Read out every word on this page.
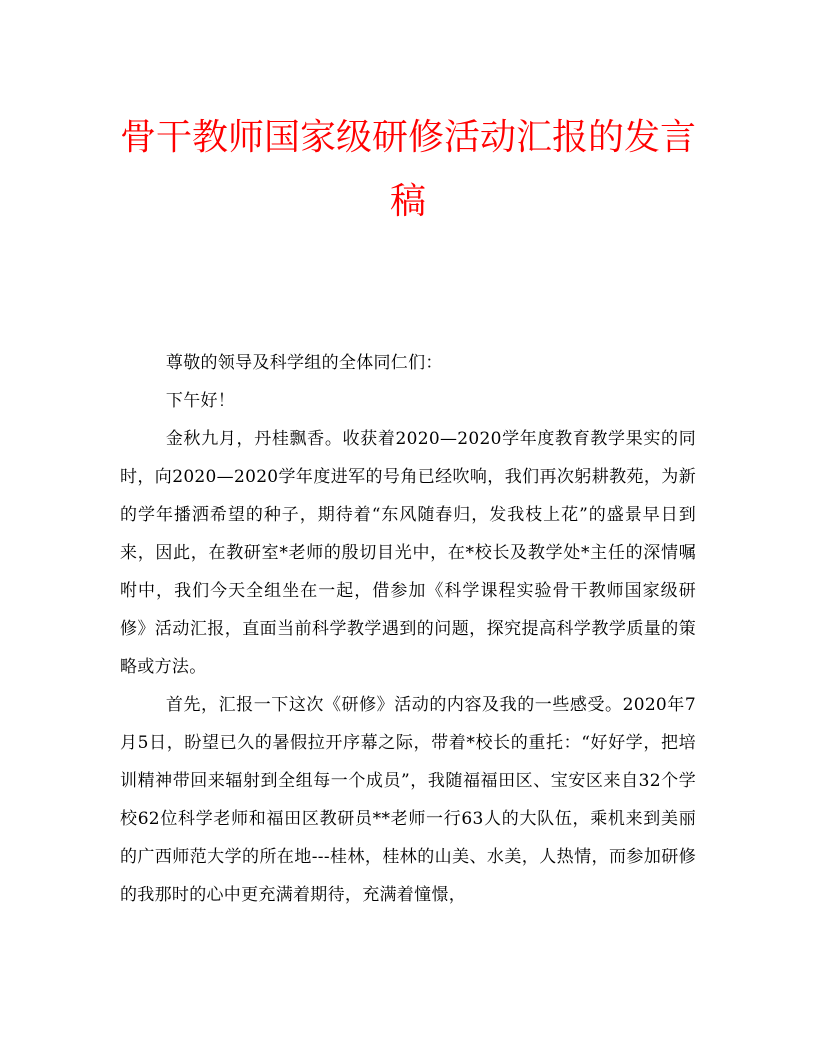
骨干教师国家级研修活动汇报的发言稿

尊敬的领导及科学组的全体同仁们：

下午好！

金秋九月，丹桂飘香。收获着2020—2020学年度教育教学果实的同时，向2020—2020学年度进军的号角已经吹响，我们再次躬耕教苑，为新的学年播洒希望的种子，期待着“东风随春归，发我枝上花”的盛景早日到来，因此，在教研室*老师的殷切目光中，在*校长及教学处*主任的深情嘱咐中，我们今天全组坐在一起，借参加《科学课程实验骨干教师国家级研修》活动汇报，直面当前科学教学遇到的问题，探究提高科学教学质量的策略或方法。

首先，汇报一下这次《研修》活动的内容及我的一些感受。2020年7月5日，盼望已久的暑假拉开序幕之际，带着*校长的重托：“好好学，把培训精神带回来辐射到全组每一个成员”，我随福福田区、宝安区来自32个学校62位科学老师和福田区教研员**老师一行63人的大队伍，乘机来到美丽的广西师范大学的所在地---桂林，桂林的山美、水美，人热情，而参加研修的我那时的心中更充满着期待，充满着憧憬，
